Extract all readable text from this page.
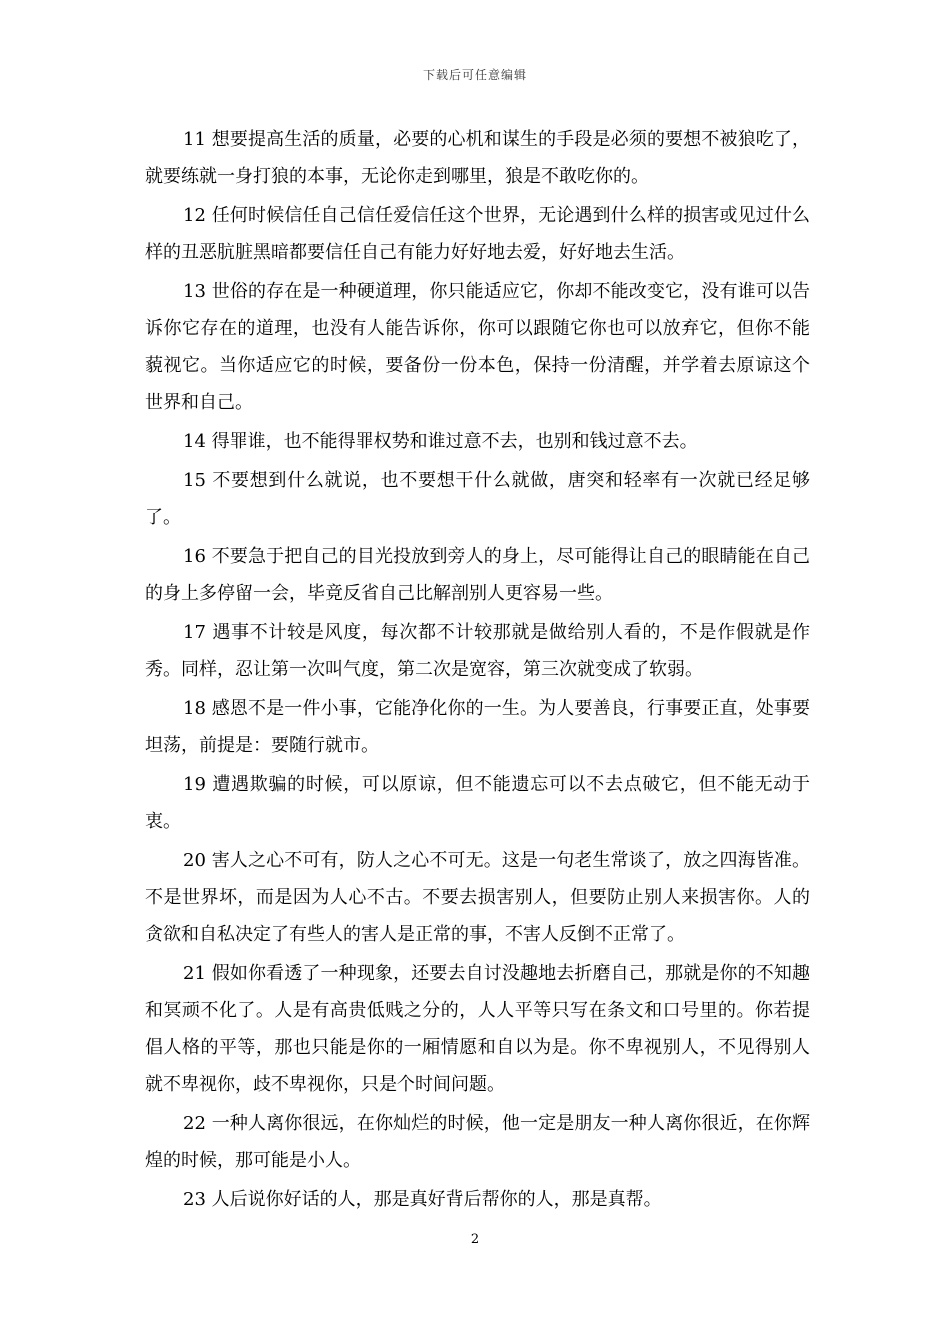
下载后可任意编辑

11 想要提高生活的质量，必要的心机和谋生的手段是必须的要想不被狼吃了，就要练就一身打狼的本事，无论你走到哪里，狼是不敢吃你的。

12 任何时候信任自己信任爱信任这个世界，无论遇到什么样的损害或见过什么样的丑恶肮脏黑暗都要信任自己有能力好好地去爱，好好地去生活。

13 世俗的存在是一种硬道理，你只能适应它，你却不能改变它，没有谁可以告诉你它存在的道理，也没有人能告诉你，你可以跟随它你也可以放弃它，但你不能藐视它。当你适应它的时候，要备份一份本色，保持一份清醒，并学着去原谅这个世界和自己。

14 得罪谁，也不能得罪权势和谁过意不去，也别和钱过意不去。

15 不要想到什么就说，也不要想干什么就做，唐突和轻率有一次就已经足够了。

16 不要急于把自己的目光投放到旁人的身上，尽可能得让自己的眼睛能在自己的身上多停留一会，毕竟反省自己比解剖别人更容易一些。

17 遇事不计较是风度，每次都不计较那就是做给别人看的，不是作假就是作秀。同样，忍让第一次叫气度，第二次是宽容，第三次就变成了软弱。

18 感恩不是一件小事，它能净化你的一生。为人要善良，行事要正直，处事要坦荡，前提是：要随行就市。

19 遭遇欺骗的时候，可以原谅，但不能遗忘可以不去点破它，但不能无动于衷。

20 害人之心不可有，防人之心不可无。这是一句老生常谈了，放之四海皆准。不是世界坏，而是因为人心不古。不要去损害别人，但要防止别人来损害你。人的贪欲和自私决定了有些人的害人是正常的事，不害人反倒不正常了。

21 假如你看透了一种现象，还要去自讨没趣地去折磨自己，那就是你的不知趣和冥顽不化了。人是有高贵低贱之分的，人人平等只写在条文和口号里的。你若提倡人格的平等，那也只能是你的一厢情愿和自以为是。你不卑视别人，不见得别人就不卑视你，歧不卑视你，只是个时间问题。

22 一种人离你很远，在你灿烂的时候，他一定是朋友一种人离你很近，在你辉煌的时候，那可能是小人。

23 人后说你好话的人，那是真好背后帮你的人，那是真帮。

2
